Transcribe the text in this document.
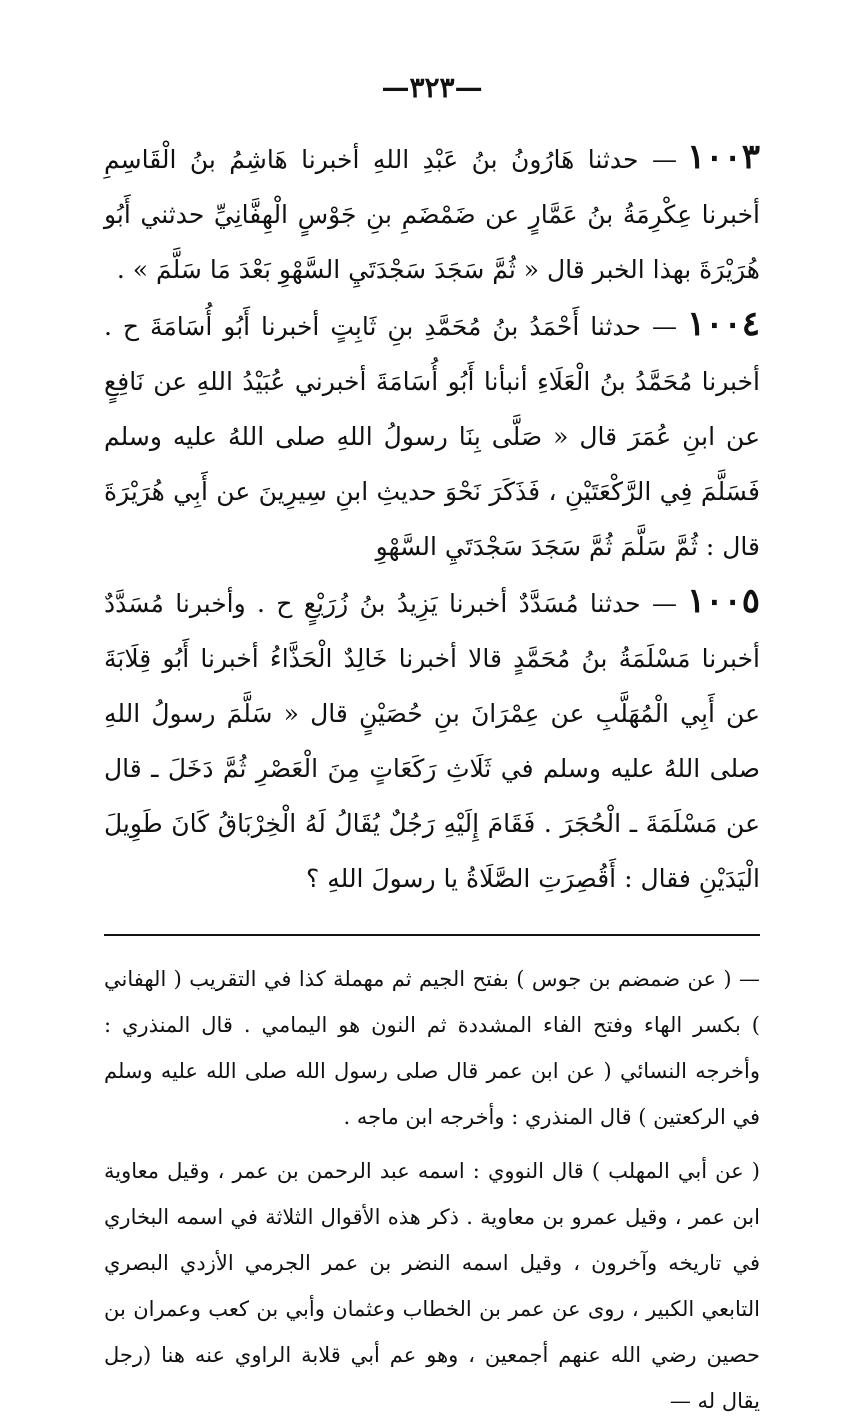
—٣٢٣—

١٠٠٣— حدثنا هَارُونُ بنُ عَبْدِ اللهِ أخبرنا هَاشِمُ بنُ الْقَاسِمِ أخبرنا عِكْرِمَةُ بنُ عَمَّارٍ عن ضَمْضَمِ بنِ جَوْسٍ الْهِفَّانِيِّ حدثني أَبُو هُرَيْرَةَ بهذا الخبر قال « ثُمَّ سَجَدَ سَجْدَتَيِ السَّهْوِ بَعْدَ مَا سَلَّمَ » .

١٠٠٤— حدثنا أَحْمَدُ بنُ مُحَمَّدِ بنِ ثَابِتٍ أخبرنا أَبُو أُسَامَةَ ح . أخبرنا مُحَمَّدُ بنُ الْعَلَاءِ أنبأنا أَبُو أُسَامَةَ أخبرني عُبَيْدُ اللهِ عن نَافِعٍ عن ابنِ عُمَرَ قال « صَلَّى بِنَا رسولُ اللهِ صلى اللهُ عليه وسلم فَسَلَّمَ فِي الرَّكْعَتَيْنِ ، فَذَكَرَ نَحْوَ حديثِ ابنِ سِيرِينَ عن أَبِي هُرَيْرَةَ قال : ثُمَّ سَلَّمَ ثُمَّ سَجَدَ سَجْدَتَيِ السَّهْوِ

١٠٠٥— حدثنا مُسَدَّدٌ أخبرنا يَزِيدُ بنُ زُرَيْعٍ ح . وأخبرنا مُسَدَّدٌ أخبرنا مَسْلَمَةُ بنُ مُحَمَّدٍ قالا أخبرنا خَالِدٌ الْحَذَّاءُ أخبرنا أَبُو قِلَابَةَ عن أَبِي الْمُهَلَّبِ عن عِمْرَانَ بنِ حُصَيْنٍ قال « سَلَّمَ رسولُ اللهِ صلى اللهُ عليه وسلم في ثَلَاثِ رَكَعَاتٍ مِنَ الْعَصْرِ ثُمَّ دَخَلَ ـ قال عن مَسْلَمَةَ ـ الْحُجَرَ . فَقَامَ إِلَيْهِ رَجُلٌ يُقَالُ لَهُ الْخِرْبَاقُ كَانَ طَوِيلَ الْيَدَيْنِ فقال : أَقُصِرَتِ الصَّلَاةُ يا رسولَ اللهِ ؟

— ( عن ضمضم بن جوس ) بفتح الجيم ثم مهملة كذا في التقريب ( الهفاني ) بكسر الهاء وفتح الفاء المشددة ثم النون هو اليمامي . قال المنذري : وأخرجه النسائي ( عن ابن عمر قال صلى رسول الله صلى الله عليه وسلم في الركعتين ) قال المنذري : وأخرجه ابن ماجه .

( عن أبي المهلب ) قال النووي : اسمه عبد الرحمن بن عمر ، وقيل معاوية ابن عمر ، وقيل عمرو بن معاوية . ذكر هذه الأقوال الثلاثة في اسمه البخاري في تاريخه وآخرون ، وقيل اسمه النضر بن عمر الجرمي الأزدي البصري التابعي الكبير ، روى عن عمر بن الخطاب وعثمان وأبي بن كعب وعمران بن حصين رضي الله عنهم أجمعين ، وهو عم أبي قلابة الراوي عنه هنا (رجل يقال له —
